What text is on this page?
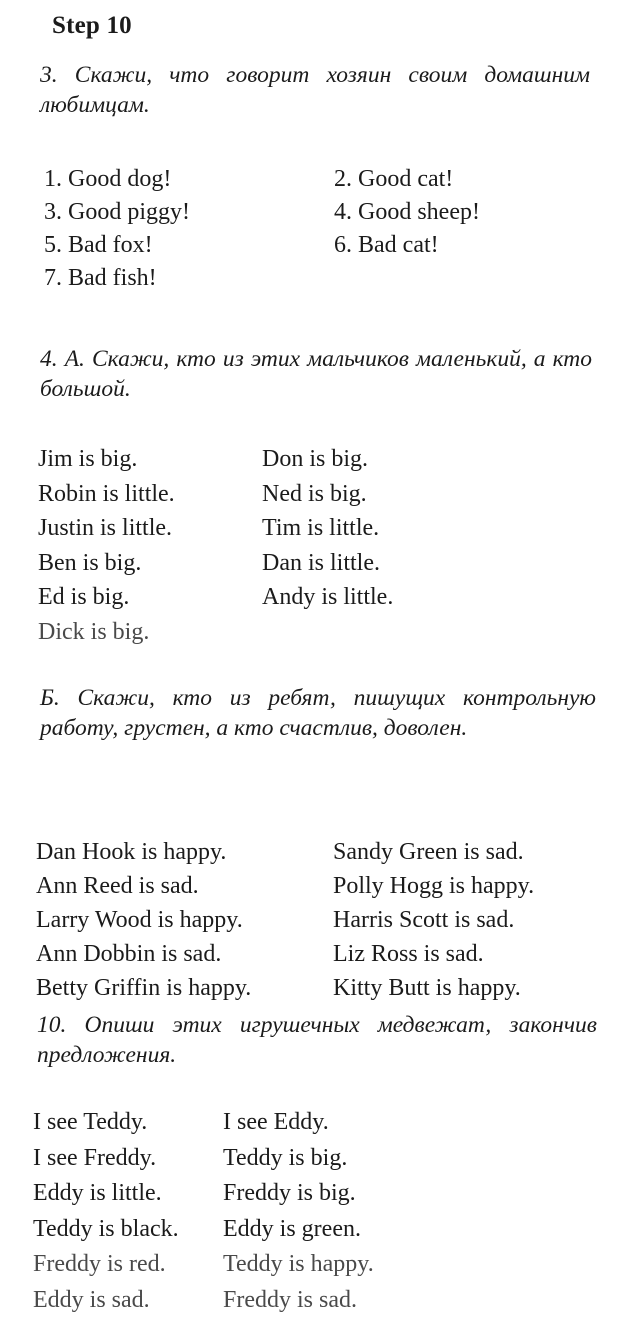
Step 10
3. Скажи, что говорит хозяин своим домашним любимцам.
1. Good dog!	2. Good cat!
3. Good piggy!	4. Good sheep!
5. Bad fox!	6. Bad cat!
7. Bad fish!
4. А. Скажи, кто из этих мальчиков маленький, а кто большой.
Jim is big.	Don is big.
Robin is little.	Ned is big.
Justin is little.	Tim is little.
Ben is big.	Dan is little.
Ed is big.	Andy is little.
Dick is big.
Б. Скажи, кто из ребят, пишущих контрольную работу, грустен, а кто счастлив, доволен.
Dan Hook is happy.	Sandy Green is sad.
Ann Reed is sad.	Polly Hogg is happy.
Larry Wood is happy.	Harris Scott is sad.
Ann Dobbin is sad.	Liz Ross is sad.
Betty Griffin is happy.	Kitty Butt is happy.
10. Опиши этих игрушечных медвежат, закончив предложения.
I see Teddy.	I see Eddy.
I see Freddy.	Teddy is big.
Eddy is little.	Freddy is big.
Teddy is black.	Eddy is green.
Freddy is red.	Teddy is happy.
Eddy is sad.	Freddy is sad.
